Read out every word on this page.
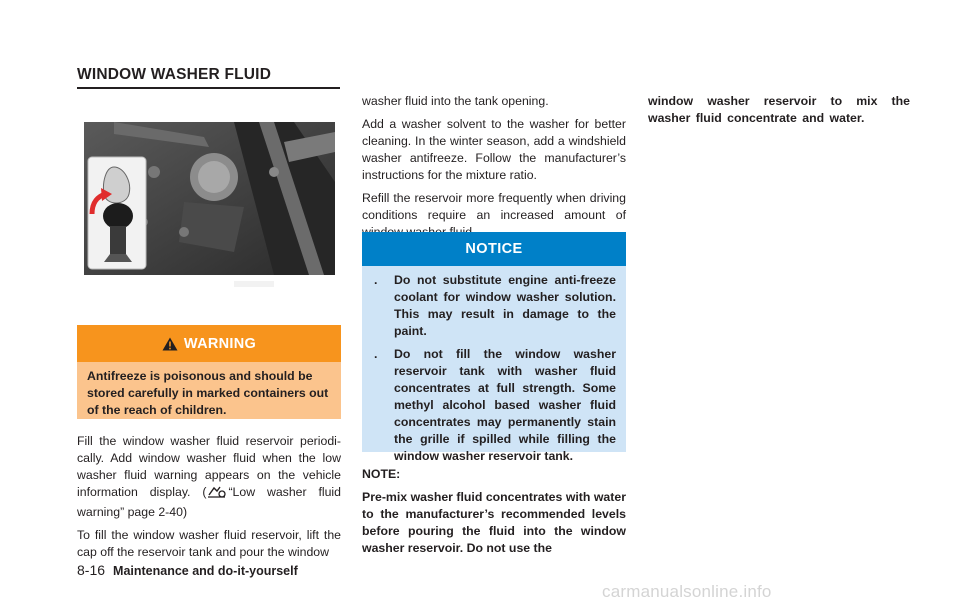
WINDOW WASHER FLUID
WARNING
Antifreeze is poisonous and should be stored carefully in marked containers out of the reach of children.

Fill the window washer fluid reservoir periodi-cally. Add window washer fluid when the low washer fluid warning appears on the vehicle information display. ( “Low washer fluid warning” page 2-40)

To fill the window washer fluid reservoir, lift the cap off the reservoir tank and pour the window

washer fluid into the tank opening.

Add a washer solvent to the washer for better cleaning. In the winter season, add a windshield washer antifreeze. Follow the manufacturer’s instructions for the mixture ratio.

Refill the reservoir more frequently when driving conditions require an increased amount of

NOTICE
. Do not substitute engine anti-freeze coolant for window washer solution. This may result in damage to the paint.
. Do not fill the window washer reservoir tank with washer fluid concentrates at full strength. Some methyl alcohol based washer fluid concentrates may permanently stain the grille if spilled while filling the window washer reservoir tank.

NOTE:

Pre-mix washer fluid concentrates with water to the manufacturer’s recommended levels before pouring the fluid into the window washer reservoir. Do not use the

window washer reservoir to mix the washer fluid concentrate and water.

8-16 Maintenance and do-it-yourself
carmanualsonline.info
